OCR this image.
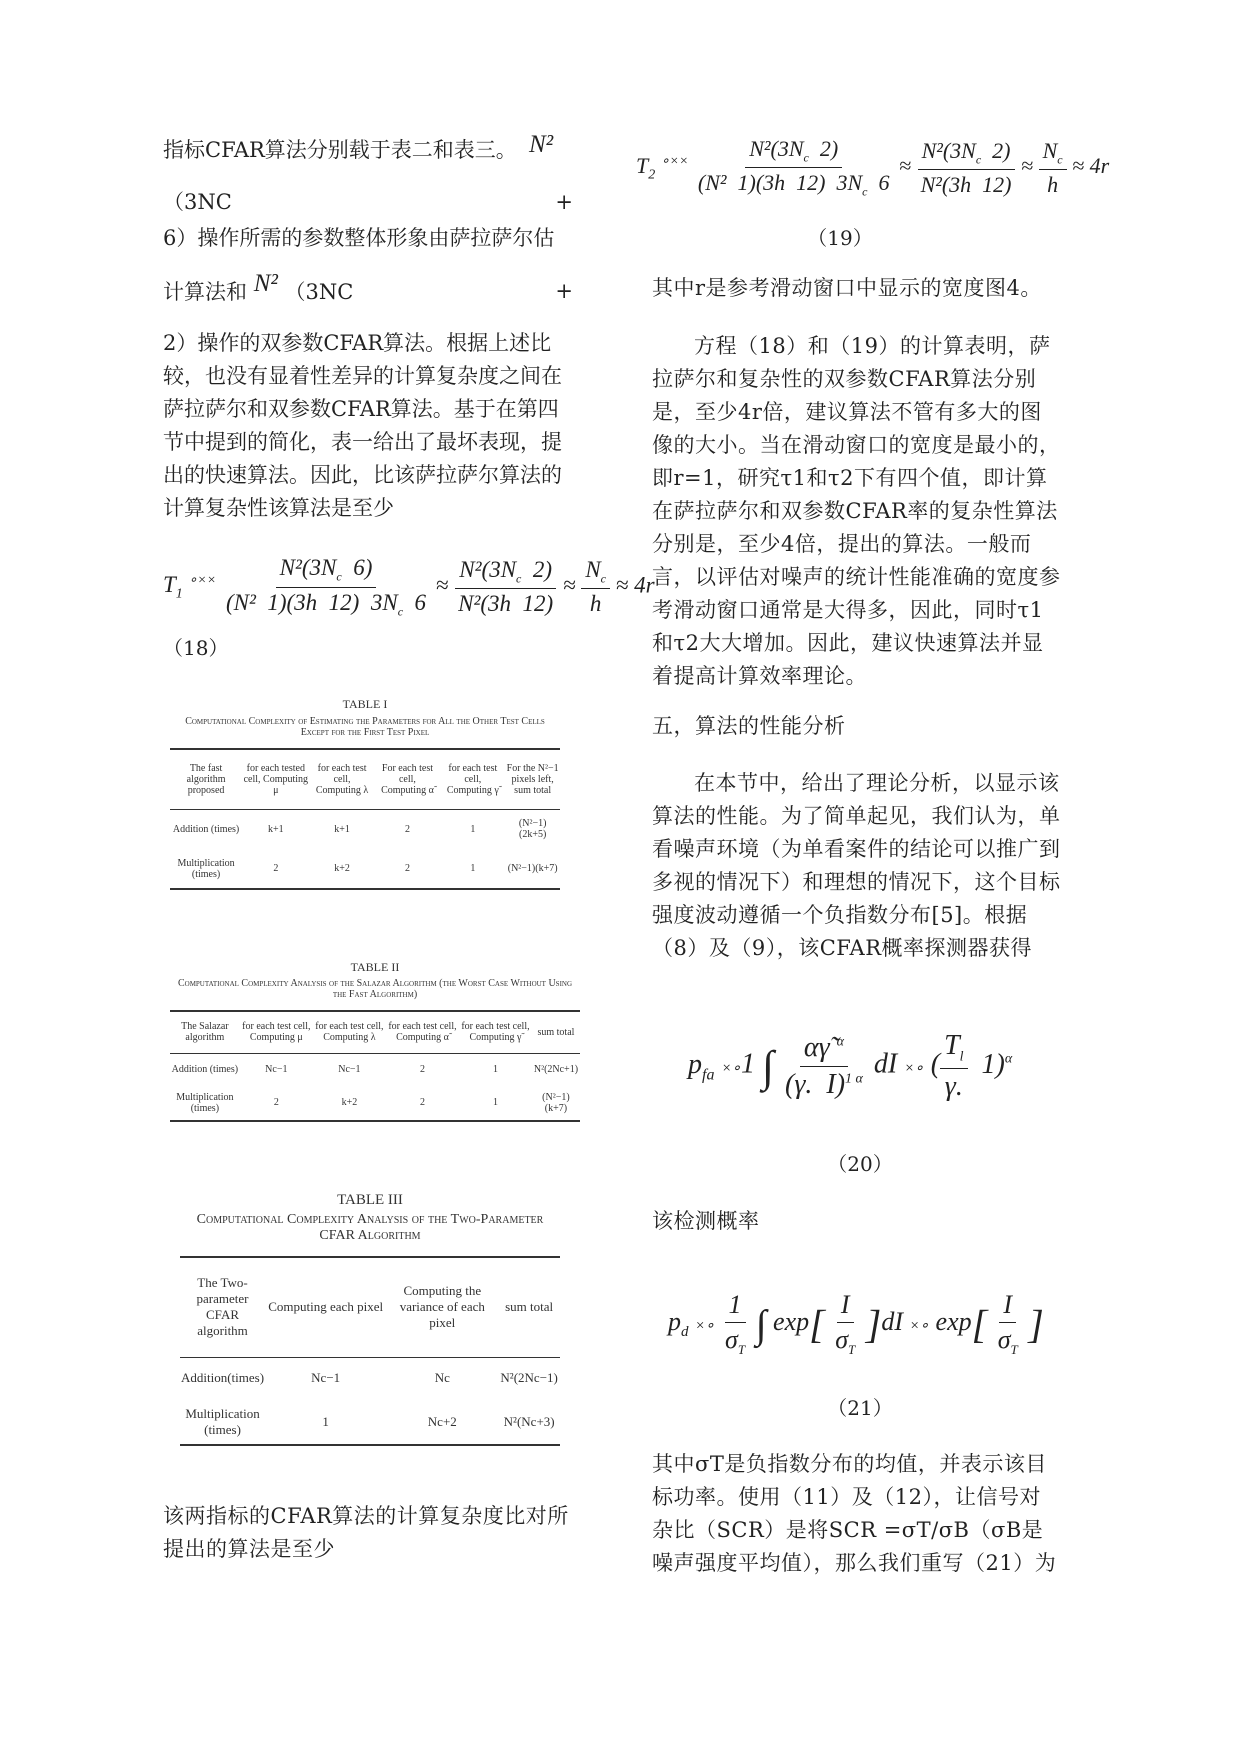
指标CFAR算法分别载于表二和表三。 N²
（3NC	+
6）操作所需的参数整体形象由萨拉萨尔估
计算法和 N² （3NC	+
2）操作的双参数CFAR算法。根据上述比较，也没有显着性差异的计算复杂度之间在萨拉萨尔和双参数CFAR算法。基于在第四节中提到的简化，表一给出了最坏表现，提出的快速算法。因此，比该萨拉萨尔算法的计算复杂性该算法是至少
$T_1$ $^{\circ\times\times} \frac{N^2(3N_c 6)}{(N^2 1)(3h 12) 3N_c 6} \approx \frac{N^2(3N_c 2)}{\text{N²(3h  12)}} \approx \frac{N_c}{h} \approx 4r$
（18）
TABLE I
Computational Complexity of Estimating the Parameters for All the Other Test Cells Except for the First Test Pixel
The fast algorithm proposed	for each tested cell, Computing μ	for each test cell, Computing λ	For each test cell, Computing α̃	for each test cell, Computing γ̃	For the N²−1 pixels left, sum total
Addition (times)	k+1	k+1	2	1	(N²−1)(2k+5)
Multiplication (times)	2	k+2	2	1	(N²−1)(k+7)
TABLE II
Computational Complexity Analysis of the Salazar Algorithm (the Worst Case Without Using the Fast Algorithm)
The Salazar algorithm	for each test cell, Computing μ	for each test cell, Computing λ	for each test cell, Computing α̃	for each test cell, Computing γ̃	sum total
Addition (times)	Nc−1	Nc−1	2	1	N²(2Nc+1)
Multiplication (times)	2	k+2	2	1	(N²−1)(k+7)
TABLE III
Computational Complexity Analysis of the Two-Parameter CFAR Algorithm
The Two-parameter CFAR algorithm	Computing each pixel	Computing the variance of each pixel	sum total
Addition(times)	Nc−1	Nc	N²(2Nc−1)
Multiplication (times)	1	Nc+2	N²(Nc+3)
该两指标的CFAR算法的计算复杂度比对所提出的算法是至少
$T_2$ $^{\circ\times\times} \frac{N^2(3N_c 2)}{(N^2 1)(3h 12) 3N_c 6} \approx \frac{N^2(3N_c 2)}{\text{N²(3h  12)}} \approx \frac{N_c}{h} \approx 4r$
（19）
其中r是参考滑动窗口中显示的宽度图4。
方程（18）和（19）的计算表明，萨拉萨尔和复杂性的双参数CFAR算法分别是，至少4r倍，建议算法不管有多大的图像的大小。当在滑动窗口的宽度是最小的，即r=1，研究τ1和τ2下有四个值，即计算在萨拉萨尔和双参数CFAR率的复杂性算法分别是，至少4倍，提出的算法。一般而言，以评估对噪声的统计性能准确的宽度参考滑动窗口通常是大得多，因此，同时τ1和τ2大大增加。因此，建议快速算法并显着提高计算效率理论。
五，算法的性能分析
在本节中，给出了理论分析，以显示该算法的性能。为了简单起见，我们认为，单看噪声环境（为单看案件的结论可以推广到多视的情况下）和理想的情况下，这个目标强度波动遵循一个负指数分布[5]。根据（8）及（9），该CFAR概率探测器获得
$p_{fa}$ ×∘1 ∫ $\frac{\alpha\gammã ^\alpha}{(\gamma. I)^{1 \alpha}}$ dI ×∘ ( $\frac{T_l}{\gamma.} 1)^\alpha$
（20）
该检测概率
$p_d$ ×∘ $\frac{1}{\sigma_T}$ ∫ $\exp[ \frac{I}{\sigma_T} ]dI$ ×∘ $\exp[ \frac{I}{\sigma_T}$ ]
（21）
其中σT是负指数分布的均值，并表示该目标功率。使用（11）及（12），让信号对杂比（SCR）是将SCR =σT/σB（σB是噪声强度平均值），那么我们重写（21）为
